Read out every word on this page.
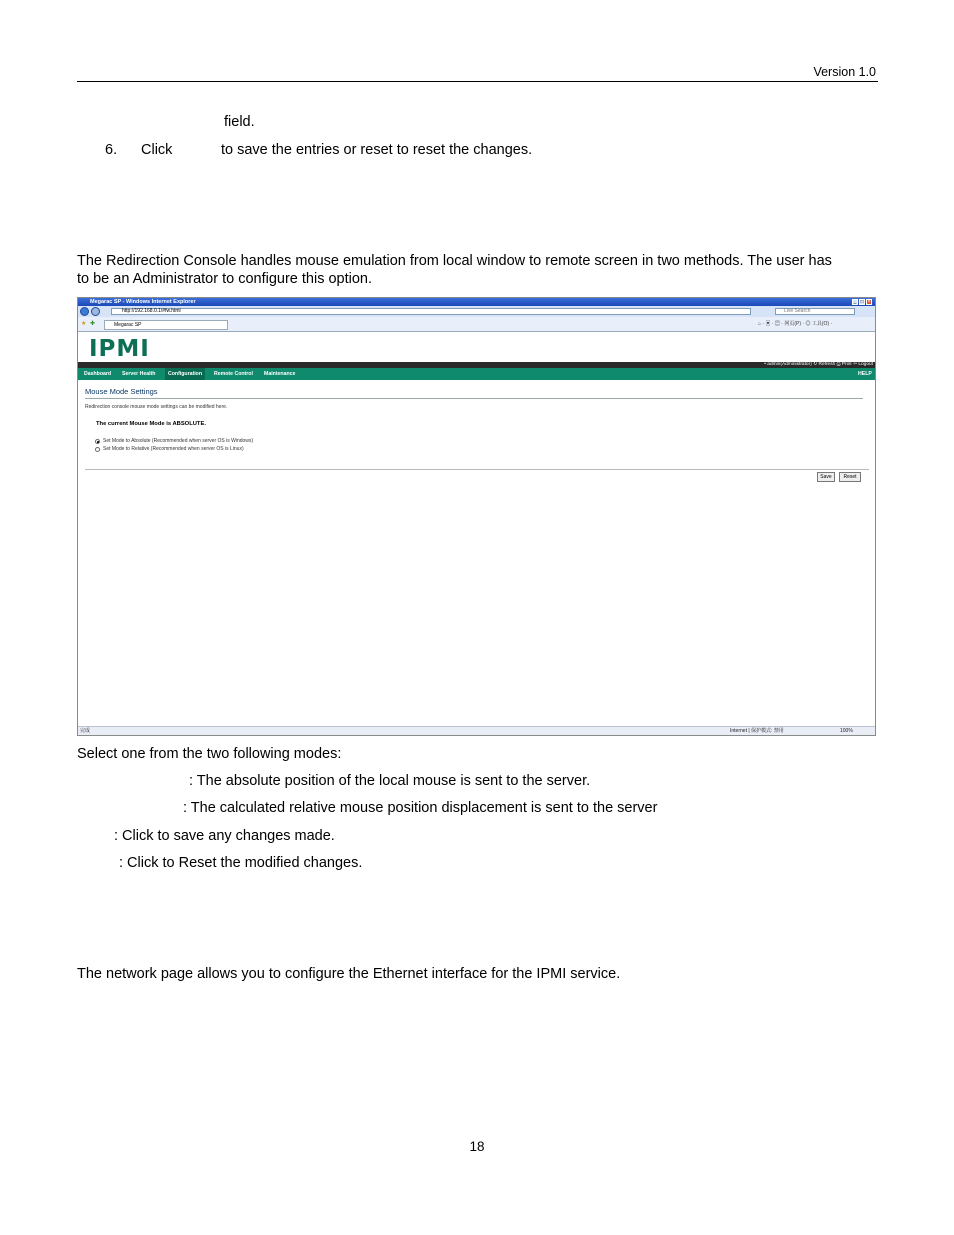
Version 1.0
field.
6. Click	to save the entries or reset to reset the changes.
The Redirection Console handles mouse emulation from local window to remote screen in two methods. The user has
to be an Administrator to configure this option.
Megarac SP - Windows Internet Explorer	_ □ ×
http://192.168.0.1/#fw.html	Live Search
★ ✚	Megarac SP	⌂ · ▣ · ▤ · 网页(P) · ◎ 工具(O) ·
IPMI
• admin(Administrator) ↻ Refresh ⎙ Print ⇦ Logout
Dashboard Server Health	Configuration	Remote Control Maintenance	HELP
Mouse Mode Settings
Redirection console mouse mode settings can be modified here.
The current Mouse Mode is ABSOLUTE.
Set Mode to Absolute (Recommended when server OS is Windows)
Set Mode to Relative (Recommended when server OS is Linux)
Save	Reset
完成	Internet | 保护模式: 禁用	100%
Select one from the two following modes:
: The absolute position of the local mouse is sent to the server.
: The calculated relative mouse position displacement is sent to the server
: Click to save any changes made.
: Click to Reset the modified changes.
The network page allows you to configure the Ethernet interface for the IPMI service.
18
